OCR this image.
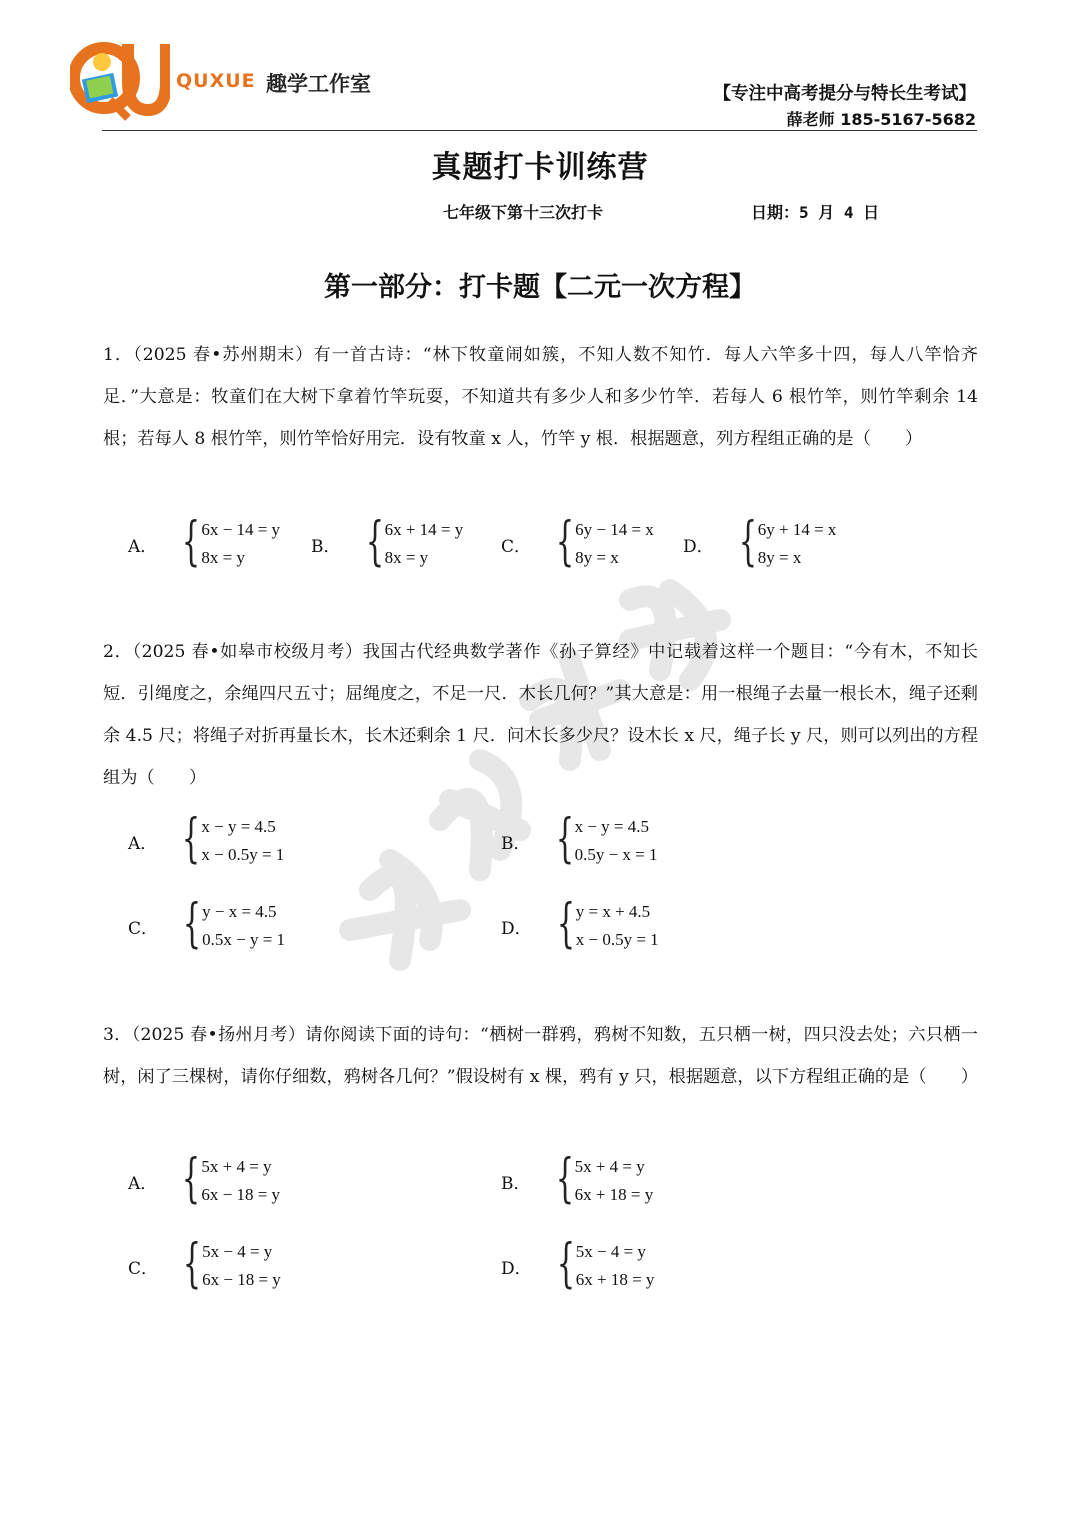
QUXUE 趣学工作室	【专注中高考提分与特长生考试】
薛老师 185-5167-5682
真题打卡训练营
七年级下第十三次打卡	日期：5 月 4 日
第一部分：打卡题【二元一次方程】
1．（2025 春•苏州期末）有一首古诗：“林下牧童闹如簇，不知人数不知竹．每人六竿多十四，每人八竿恰齐足．”大意是：牧童们在大树下拿着竹竿玩耍，不知道共有多少人和多少竹竿．若每人 6 根竹竿，则竹竿剩余 14 根；若每人 8 根竹竿，则竹竿恰好用完．设有牧童 x 人，竹竿 y 根．根据题意，列方程组正确的是（　　）
A． { 6x − 14 = y
8x = y
B． { 6x + 14 = y
8x = y
C． { 6y − 14 = x
8y = x
D． { 6y + 14 = x
8y = x
2．（2025 春•如皋市校级月考）我国古代经典数学著作《孙子算经》中记载着这样一个题目：“今有木，不知长短．引绳度之，余绳四尺五寸；屈绳度之，不足一尺．木长几何？”其大意是：用一根绳子去量一根长木，绳子还剩余 4.5 尺；将绳子对折再量长木，长木还剩余 1 尺．问木长多少尺？设木长 x 尺，绳子长 y 尺，则可以列出的方程组为（　　）
A． { x − y = 4.5
x − 0.5y = 1
B． { x − y = 4.5
0.5y − x = 1
C． { y − x = 4.5
0.5x − y = 1
D． { y = x + 4.5
x − 0.5y = 1
3．（2025 春•扬州月考）请你阅读下面的诗句：“栖树一群鸦，鸦树不知数，五只栖一树，四只没去处；六只栖一树，闲了三棵树，请你仔细数，鸦树各几何？”假设树有 x 棵，鸦有 y 只，根据题意，以下方程组正确的是（　　）
A． { 5x + 4 = y
6x − 18 = y
B． { 5x + 4 = y
6x + 18 = y
C． { 5x − 4 = y
6x − 18 = y
D． { 5x − 4 = y
6x + 18 = y
